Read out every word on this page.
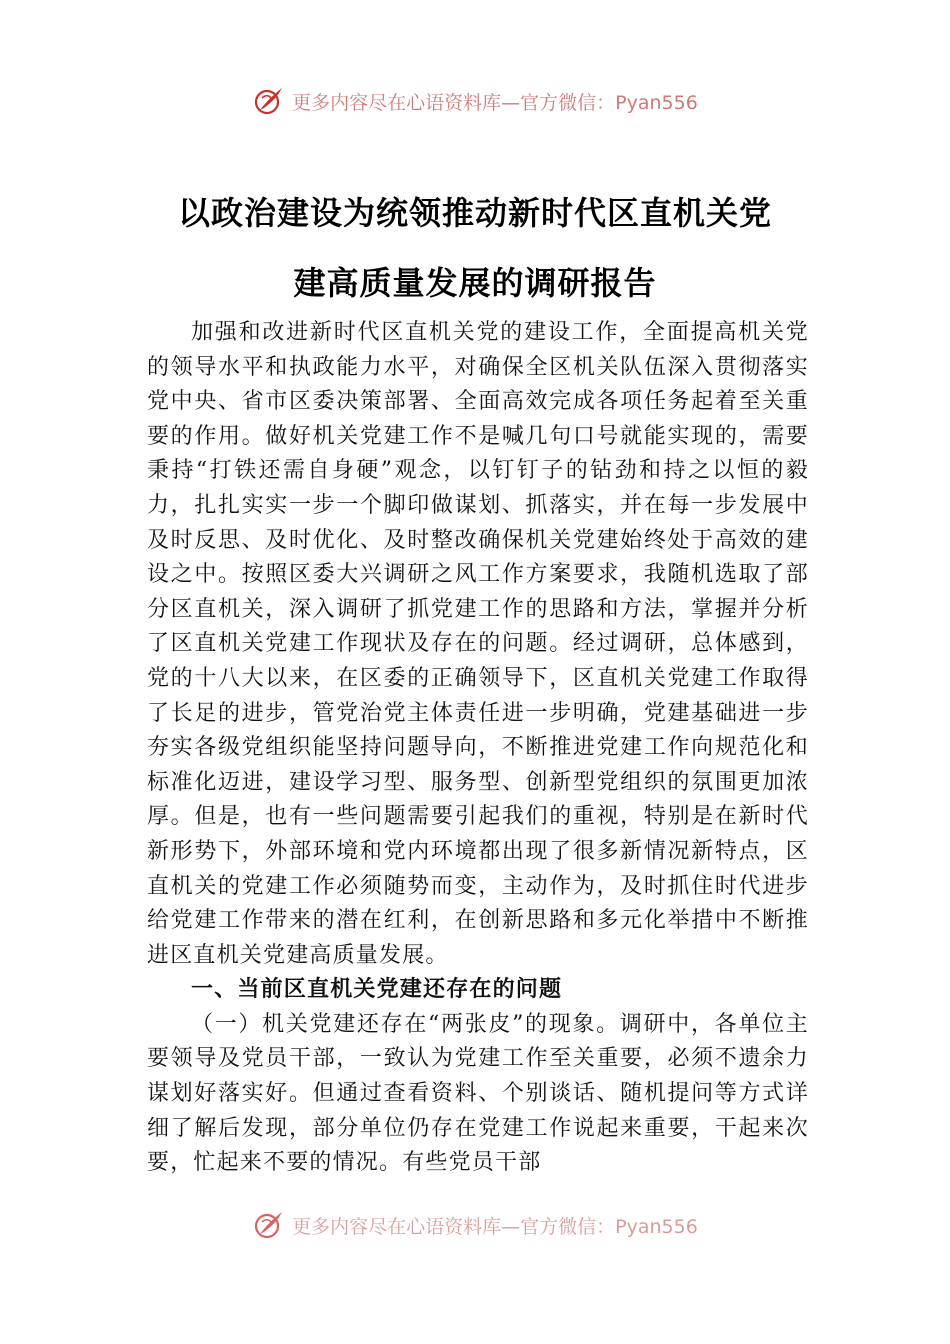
更多内容尽在心语资料库—官方微信：Pyan556
以政治建设为统领推动新时代区直机关党
建高质量发展的调研报告

加强和改进新时代区直机关党的建设工作，全面提高机关党的领导水平和执政能力水平，对确保全区机关队伍深入贯彻落实党中央、省市区委决策部署、全面高效完成各项任务起着至关重要的作用。做好机关党建工作不是喊几句口号就能实现的，需要秉持“打铁还需自身硬”观念，以钉钉子的钻劲和持之以恒的毅力，扎扎实实一步一个脚印做谋划、抓落实，并在每一步发展中及时反思、及时优化、及时整改确保机关党建始终处于高效的建设之中。按照区委大兴调研之风工作方案要求，我随机选取了部分区直机关，深入调研了抓党建工作的思路和方法，掌握并分析了区直机关党建工作现状及存在的问题。经过调研，总体感到，党的十八大以来，在区委的正确领导下，区直机关党建工作取得了长足的进步，管党治党主体责任进一步明确，党建基础进一步夯实各级党组织能坚持问题导向，不断推进党建工作向规范化和标准化迈进，建设学习型、服务型、创新型党组织的氛围更加浓厚。但是，也有一些问题需要引起我们的重视，特别是在新时代新形势下，外部环境和党内环境都出现了很多新情况新特点，区直机关的党建工作必须随势而变，主动作为，及时抓住时代进步给党建工作带来的潜在红利，在创新思路和多元化举措中不断推进区直机关党建高质量发展。

一、当前区直机关党建还存在的问题

（一）机关党建还存在“两张皮”的现象。调研中，各单位主要领导及党员干部，一致认为党建工作至关重要，必须不遗余力谋划好落实好。但通过查看资料、个别谈话、随机提问等方式详细了解后发现，部分单位仍存在党建工作说起来重要，干起来次要，忙起来不要的情况。有些党员干部

更多内容尽在心语资料库—官方微信：Pyan556
